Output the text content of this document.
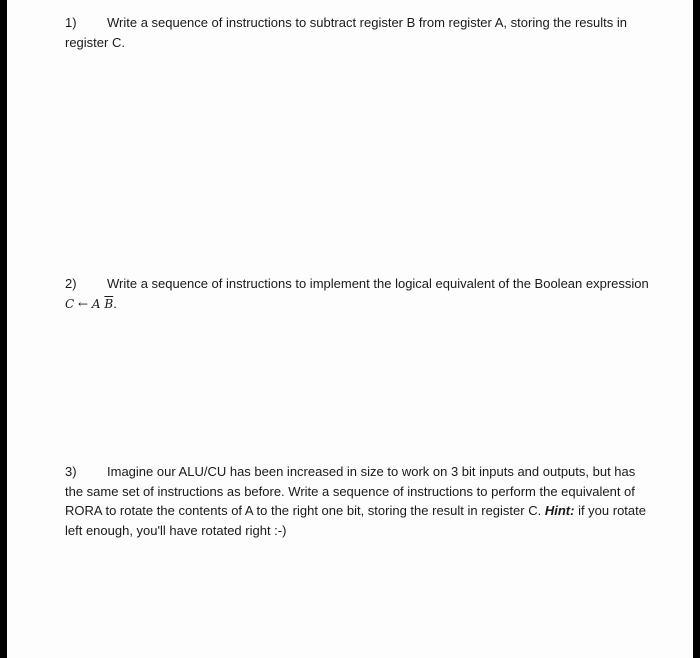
1) Write a sequence of instructions to subtract register B from register A, storing the results in register C.
2) Write a sequence of instructions to implement the logical equivalent of the Boolean expression C ← A $\overline{B}$.
3) Imagine our ALU/CU has been increased in size to work on 3 bit inputs and outputs, but has the same set of instructions as before. Write a sequence of instructions to perform the equivalent of RORA to rotate the contents of A to the right one bit, storing the result in register C. Hint: if you rotate left enough, you'll have rotated right :-)
